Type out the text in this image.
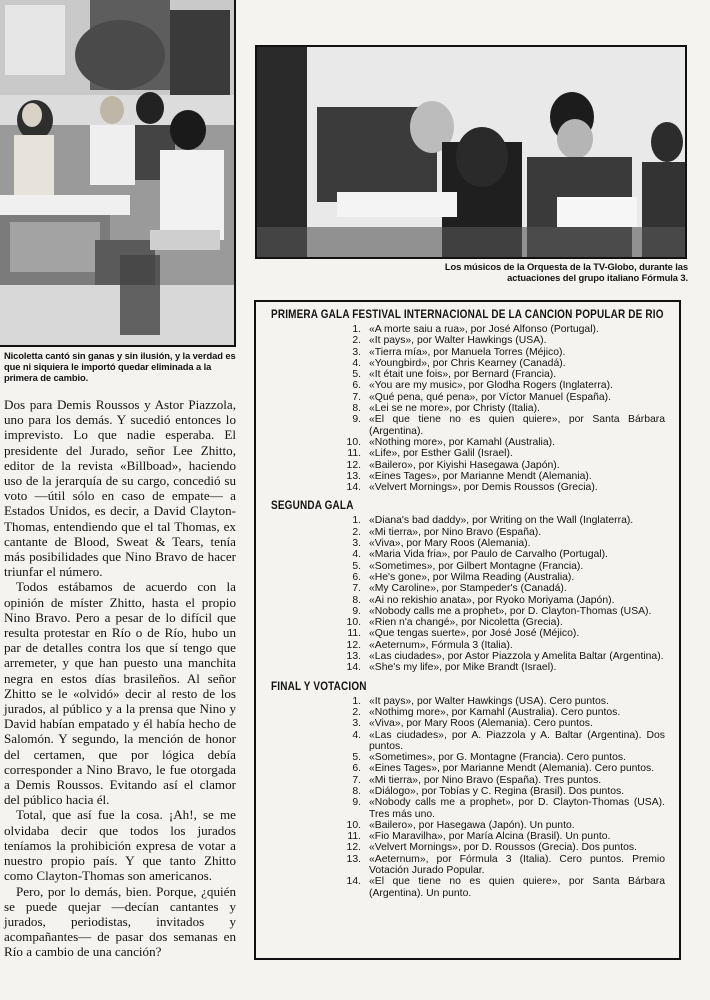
Nicoletta cantó sin ganas y sin ilusión, y la verdad es que ni siquiera le importó quedar eliminada a la primera de cambio.
Los músicos de la Orquesta de la TV-Globo, durante las actuaciones del grupo italiano Fórmula 3.

Dos para Demis Roussos y Astor Piazzola, uno para los demás. Y sucedió entonces lo imprevisto. Lo que nadie esperaba. El presidente del Jurado, señor Lee Zhitto, editor de la revista «Billboad», haciendo uso de la jerarquía de su cargo, concedió su voto —útil sólo en caso de empate— a Estados Unidos, es decir, a David Clayton-Thomas, entendiendo que el tal Thomas, ex cantante de Blood, Sweat & Tears, tenía más posibilidades que Nino Bravo de hacer triunfar el número.

Todos estábamos de acuerdo con la opinión de míster Zhitto, hasta el propio Nino Bravo. Pero a pesar de lo difícil que resulta protestar en Río o de Río, hubo un par de detalles contra los que sí tengo que arremeter, y que han puesto una manchita negra en estos días brasileños. Al señor Zhitto se le «olvidó» decir al resto de los jurados, al público y a la prensa que Nino y David habían empatado y él había hecho de Salomón. Y segundo, la mención de honor del certamen, que por lógica debía corresponder a Nino Bravo, le fue otorgada a Demis Roussos. Evitando así el clamor del público hacia él.

Total, que así fue la cosa. ¡Ah!, se me olvidaba decir que todos los jurados teníamos la prohibición expresa de votar a nuestro propio país. Y que tanto Zhitto como Clayton-Thomas son americanos.

Pero, por lo demás, bien. Porque, ¿quién se puede quejar —decían cantantes y jurados, periodistas, invitados y acompañantes— de pasar dos semanas en Río a cambio de una canción?

PRIMERA GALA FESTIVAL INTERNACIONAL DE LA CANCION POPULAR DE RIO
1. «A morte saiu a rua», por José Alfonso (Portugal).
2. «It pays», por Walter Hawkings (USA).
3. «Tierra mía», por Manuela Torres (Méjico).
4. «Youngbird», por Chris Kearney (Canadá).
5. «It était une fois», por Bernard (Francia).
6. «You are my music», por Glodha Rogers (Inglaterra).
7. «Qué pena, qué pena», por Víctor Manuel (España).
8. «Lei se ne more», por Christy (Italia).
9. «El que tiene no es quien quiere», por Santa Bárbara (Argentina).
10. «Nothing more», por Kamahl (Australia).
11. «Life», por Esther Galil (Israel).
12. «Bailero», por Kiyishi Hasegawa (Japón).
13. «Eines Tages», por Marianne Mendt (Alemania).
14. «Velvert Mornings», por Demis Roussos (Grecia).
SEGUNDA GALA
1. «Diana's bad daddy», por Writing on the Wall (Inglaterra).
2. «Mi tierra», por Nino Bravo (España).
3. «Viva», por Mary Roos (Alemania).
4. «Maria Vida fria», por Paulo de Carvalho (Portugal).
5. «Sometimes», por Gilbert Montagne (Francia).
6. «He's gone», por Wilma Reading (Australia).
7. «My Caroline», por Stampeder's (Canadá).
8. «Ai no rekishio anata», por Ryoko Moriyama (Japón).
9. «Nobody calls me a prophet», por D. Clayton-Thomas (USA).
10. «Rien n'a changé», por Nicoletta (Grecia).
11. «Que tengas suerte», por José José (Méjico).
12. «Aeternum», Fórmula 3 (Italia).
13. «Las ciudades», por Astor Piazzola y Amelita Baltar (Argentina).
14. «She's my life», por Mike Brandt (Israel).
FINAL Y VOTACION
1. «It pays», por Walter Hawkings (USA). Cero puntos.
2. «Nothimg more», por Kamahl (Australia). Cero puntos.
3. «Viva», por Mary Roos (Alemania). Cero puntos.
4. «Las ciudades», por A. Piazzola y A. Baltar (Argentina). Dos puntos.
5. «Sometimes», por G. Montagne (Francia). Cero puntos.
6. «Eines Tages», por Marianne Mendt (Alemania). Cero puntos.
7. «Mi tierra», por Nino Bravo (España). Tres puntos.
8. «Diálogo», por Tobías y C. Regina (Brasil). Dos puntos.
9. «Nobody calls me a prophet», por D. Clayton-Thomas (USA). Tres más uno.
10. «Bailero», por Hasegawa (Japón). Un punto.
11. «Fio Maravilha», por María Alcina (Brasil). Un punto.
12. «Velvert Mornings», por D. Roussos (Grecia). Dos puntos.
13. «Aeternum», por Fórmula 3 (Italia). Cero puntos. Premio Votación Jurado Popular.
14. «El que tiene no es quien quiere», por Santa Bárbara (Argentina). Un punto.
